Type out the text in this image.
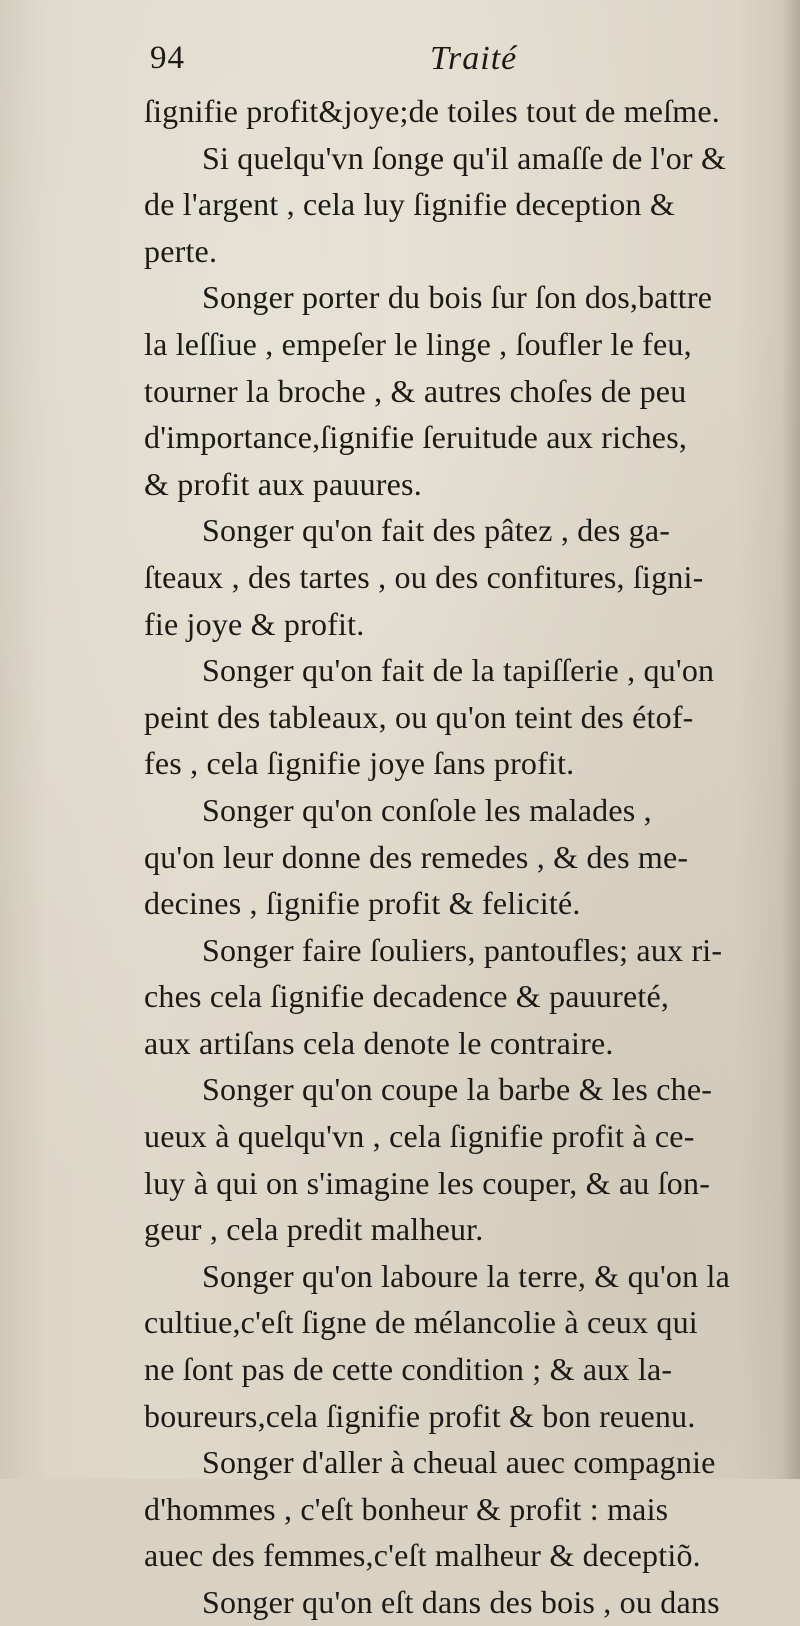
94	Traité
ſignifie profit&joye;de toiles tout de meſme.
Si quelqu'vn ſonge qu'il amaſſe de l'or &
de l'argent , cela luy ſignifie deception &
perte.
Songer porter du bois ſur ſon dos,battre
la leſſiue , empeſer le linge , ſoufler le feu,
tourner la broche , & autres choſes de peu
d'importance,ſignifie ſeruitude aux riches,
& profit aux pauures.
Songer qu'on fait des pâtez , des ga-
ſteaux , des tartes , ou des confitures, ſigni-
fie joye & profit.
Songer qu'on fait de la tapiſſerie , qu'on
peint des tableaux, ou qu'on teint des étof-
fes , cela ſignifie joye ſans profit.
Songer qu'on conſole les malades ,
qu'on leur donne des remedes , & des me-
decines , ſignifie profit & felicité.
Songer faire ſouliers, pantoufles; aux ri-
ches cela ſignifie decadence & pauureté,
aux artiſans cela denote le contraire.
Songer qu'on coupe la barbe & les che-
ueux à quelqu'vn , cela ſignifie profit à ce-
luy à qui on s'imagine les couper, & au ſon-
geur , cela predit malheur.
Songer qu'on laboure la terre, & qu'on la
cultiue,c'eſt ſigne de mélancolie à ceux qui
ne ſont pas de cette condition ; & aux la-
boureurs,cela ſignifie profit & bon reuenu.
Songer d'aller à cheual auec compagnie
d'hommes , c'eſt bonheur & profit : mais
auec des femmes,c'eſt malheur & deceptiõ.
Songer qu'on eſt dans des bois , ou dans
